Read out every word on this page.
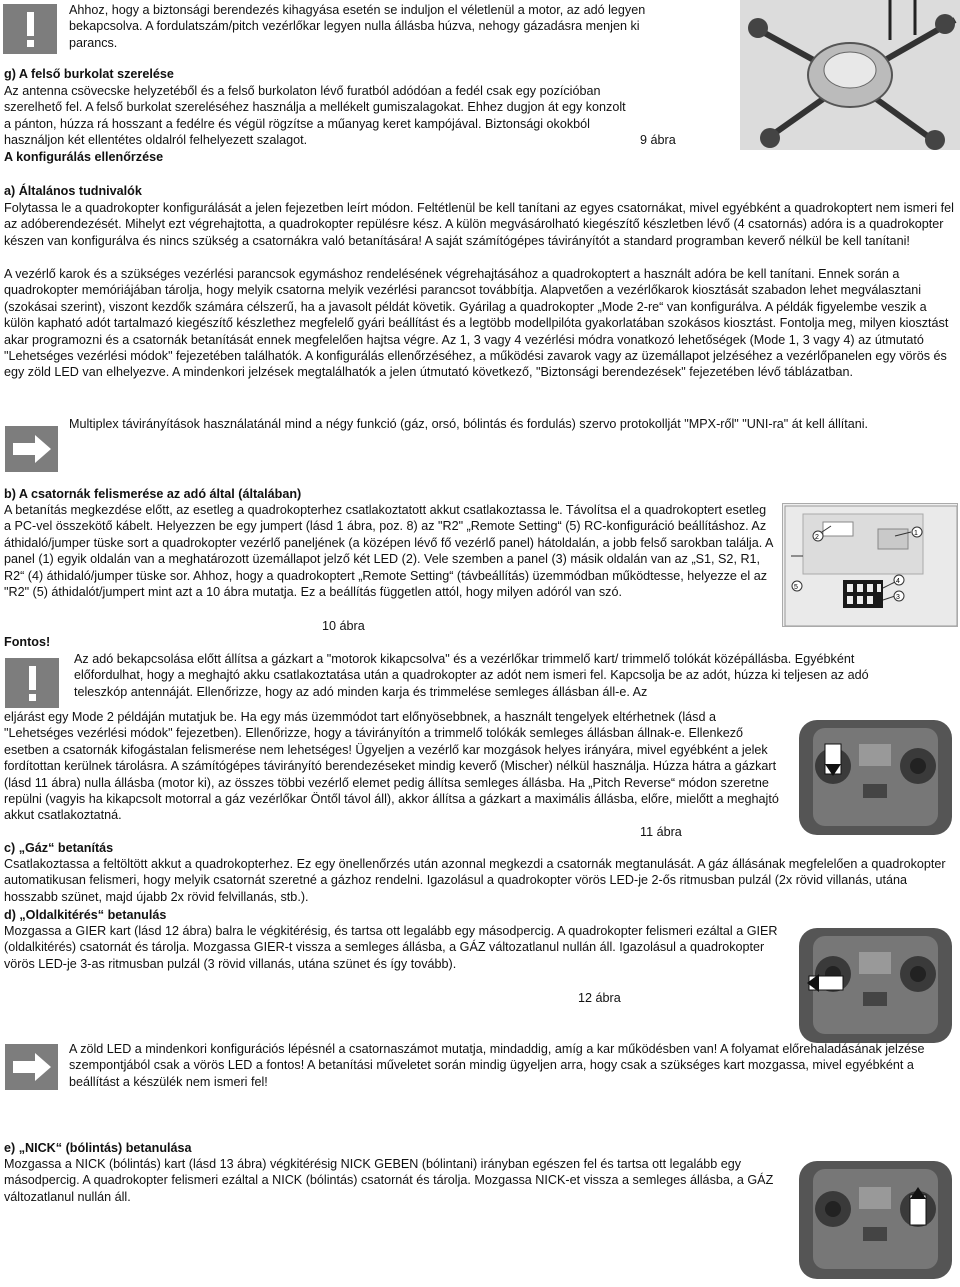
Ahhoz, hogy a biztonsági berendezés kihagyása esetén se induljon el véletlenül a motor, az adó legyen bekapcsolva. A fordulatszám/pitch vezérlőkar legyen nulla állásba húzva, nehogy gázadásra menjen ki parancs.

g) A felső burkolat szerelése

Az antenna csövecske helyzetéből és a felső burkolaton lévő furatból adódóan a fedél csak egy pozícióban

szerelhető fel. A felső burkolat szereléséhez használja a mellékelt gumiszalagokat. Ehhez dugjon át egy konzolt

a pánton, húzza rá hosszant a fedélre és végül rögzítse a műanyag keret kampójával. Biztonsági okokból

használjon két ellentétes oldalról felhelyezett szalagot.	9 ábra

A konfigurálás ellenőrzése

a) Általános tudnivalók

Folytassa le a quadrokopter konfigurálását a jelen fejezetben leírt módon. Feltétlenül be kell tanítani az egyes csatornákat, mivel egyébként a quadrokoptert nem ismeri fel az adóberendezését. Mihelyt ezt végrehajtotta, a quadrokopter repülésre kész. A külön megvásárolható kiegészítő készletben lévő (4 csatornás) adóra is a quadrokopter készen van konfigurálva és nincs szükség a csatornákra való betanítására! A saját számítógépes távirányítót a standard programban keverő nélkül be kell tanítani!

A vezérlő karok és a szükséges vezérlési parancsok egymáshoz rendelésének végrehajtásához a quadrokoptert a használt adóra be kell tanítani. Ennek során a quadrokopter memóriájában tárolja, hogy melyik csatorna melyik vezérlési parancsot továbbítja. Alapvetően a vezérlőkarok kiosztását szabadon lehet megválasztani (szokásai szerint), viszont kezdők számára célszerű, ha a javasolt példát követik. Gyárilag a quadrokopter „Mode 2-re“ van konfigurálva. A példák figyelembe veszik a külön kapható adót tartalmazó kiegészítő készlethez megfelelő gyári beállítást és a legtöbb modellpilóta gyakorlatában szokásos kiosztást. Fontolja meg, milyen kiosztást akar programozni és a csatornák betanítását ennek megfelelően hajtsa végre. Az 1, 3 vagy 4 vezérlési módra vonatkozó lehetőségek (Mode 1, 3 vagy 4) az útmutató "Lehetséges vezérlési módok" fejezetében találhatók. A konfigurálás ellenőrzéséhez, a működési zavarok vagy az üzemállapot jelzéséhez a vezérlőpanelen egy vörös és egy zöld LED van elhelyezve. A mindenkori jelzések megtalálhatók a jelen útmutató következő, "Biztonsági berendezések" fejezetében lévő táblázatban.

Multiplex távirányítások használatánál mind a négy funkció (gáz, orsó, bólintás és fordulás) szervo protokollját "MPX-ről" "UNI-ra" át kell állítani.

b) A csatornák felismerése az adó által (általában)

A betanítás megkezdése előtt, az esetleg a quadrokopterhez csatlakoztatott akkut csatlakoztassa le. Távolítsa el a quadrokoptert esetleg a PC-vel összekötő kábelt. Helyezzen be egy jumpert (lásd 1 ábra, poz. 8) az "R2" „Remote Setting“ (5) RC-konfiguráció beállításhoz. Az áthidaló/jumper tüske sort a quadrokopter vezérlő paneljének (a középen lévő fő vezérlő panel) hátoldalán, a jobb felső sarokban találja. A panel (1) egyik oldalán van a meghatározott üzemállapot jelző két LED (2). Vele szemben a panel (3) másik oldalán van az „S1, S2, R1, R2“ (4) áthidaló/jumper tüske sor. Ahhoz, hogy a quadrokoptert „Remote Setting“ (távbeállítás) üzemmódban működtesse, helyezze el az "R2" (5) áthidalót/jumpert mint azt a 10 ábra mutatja. Ez a beállítás független attól, hogy milyen adóról van szó.

10 ábra

2
1
5
4
3

Fontos!

Az adó bekapcsolása előtt állítsa a gázkart a "motorok kikapcsolva" és a vezérlőkar trimmelő kart/ trimmelő tolókát középállásba. Egyébként előfordulhat, hogy a meghajtó akku csatlakoztatása után a quadrokopter az adót nem ismeri fel. Kapcsolja be az adót, húzza ki teljesen az adó teleszkóp antennáját. Ellenőrizze, hogy az adó minden karja és trimmelése semleges állásban áll-e. Az

eljárást egy Mode 2 példáján mutatjuk be. Ha egy más üzemmódot tart előnyösebbnek, a használt tengelyek eltérhetnek (lásd a "Lehetséges vezérlési módok" fejezetben). Ellenőrizze, hogy a távirányítón a trimmelő tolókák semleges állásban állnak-e. Ellenkező esetben a csatornák kifogástalan felismerése nem lehetséges! Ügyeljen a vezérlő kar mozgások helyes irányára, mivel egyébként a jelek fordítottan kerülnek tárolásra. A számítógépes távirányító berendezéseket mindig keverő (Mischer) nélkül használja. Húzza hátra a gázkart (lásd 11 ábra) nulla állásba (motor ki), az összes többi vezérlő elemet pedig állítsa semleges állásba. Ha „Pitch Reverse“ módon szeretne repülni (vagyis ha kikapcsolt motorral a gáz vezérlőkar Öntől távol áll), akkor állítsa a gázkart a maximális állásba, előre, mielőtt a meghajtó akkut csatlakoztatná.

11 ábra

c) „Gáz“ betanítás

Csatlakoztassa a feltöltött akkut a quadrokopterhez. Ez egy önellenőrzés után azonnal megkezdi a csatornák megtanulását. A gáz állásának megfelelően a quadrokopter automatikusan felismeri, hogy melyik csatornát szeretné a gázhoz rendelni. Igazolásul a quadrokopter vörös LED-je 2-ős ritmusban pulzál (2x rövid villanás, utána hosszabb szünet, majd újabb 2x rövid felvillanás, stb.).

d) „Oldalkitérés“ betanulás

Mozgassa a GIER kart (lásd 12 ábra) balra le végkitérésig, és tartsa ott legalább egy másodpercig. A quadrokopter felismeri ezáltal a GIER (oldalkitérés) csatornát és tárolja. Mozgassa GIER-t vissza a semleges állásba, a GÁZ változatlanul nullán áll. Igazolásul a quadrokopter vörös LED-je 3-as ritmusban pulzál (3 rövid villanás, utána szünet és így tovább).

12 ábra

A zöld LED a mindenkori konfigurációs lépésnél a csatornaszámot mutatja, mindaddig, amíg a kar működésben van! A folyamat előrehaladásának jelzése szempontjából csak a vörös LED a fontos! A betanítási műveletet során mindig ügyeljen arra, hogy csak a szükséges kart mozgassa, mivel egyébként a beállítást a készülék nem ismeri fel!

e) „NICK“ (bólintás) betanulása

Mozgassa a NICK (bólintás) kart (lásd 13 ábra) végkitérésig NICK GEBEN (bólintani) irányban egészen fel és tartsa ott legalább egy másodpercig. A quadrokopter felismeri ezáltal a NICK (bólintás) csatornát és tárolja. Mozgassa NICK-et vissza a semleges állásba, a GÁZ változatlanul nullán áll.
